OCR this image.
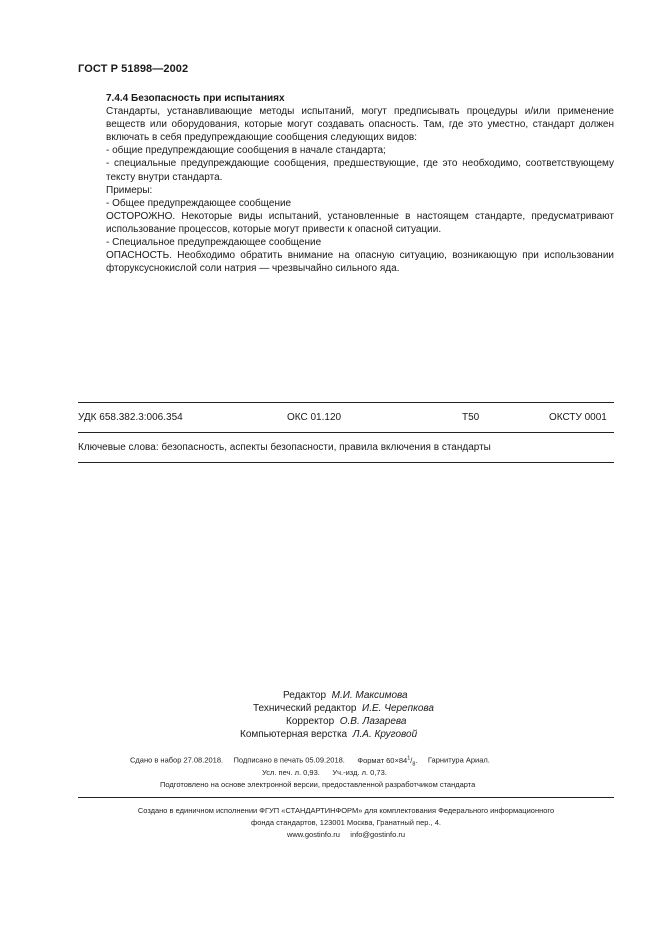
ГОСТ Р 51898—2002

7.4.4 Безопасность при испытаниях

Стандарты, устанавливающие методы испытаний, могут предписывать процедуры и/или применение веществ или оборудования, которые могут создавать опасность. Там, где это уместно, стандарт должен включать в себя предупреждающие сообщения следующих видов:

- общие предупреждающие сообщения в начале стандарта;

- специальные предупреждающие сообщения, предшествующие, где это необходимо, соответствующему тексту внутри стандарта.

Примеры:

- Общее предупреждающее сообщение

ОСТОРОЖНО. Некоторые виды испытаний, установленные в настоящем стандарте, предусматривают использование процессов, которые могут привести к опасной ситуации.

- Специальное предупреждающее сообщение

ОПАСНОСТЬ. Необходимо обратить внимание на опасную ситуацию, возникающую при использовании фторуксуснокислой соли натрия — чрезвычайно сильного яда.

УДК 658.382.3:006.354	ОКС 01.120	Т50	ОКСТУ 0001
Ключевые слова: безопасность, аспекты безопасности, правила включения в стандарты
Редактор М.И. Максимова
Технический редактор И.Е. Черепкова
Корректор О.В. Лазарева
Компьютерная верстка Л.А. Круговой
Сдано в набор 27.08.2018. Подписано в печать 05.09.2018. Формат $60\times 84^1/_8$. Гарнитура Ариал.
Усл. печ. л. 0,93. Уч.-изд. л. 0,73.
Подготовлено на основе электронной версии, предоставленной разработчиком стандарта
Создано в единичном исполнении ФГУП «СТАНДАРТИНФОРМ» для комплектования Федерального информационного
фонда стандартов, 123001 Москва, Гранатный пер., 4.
www.gostinfo.ru     info@gostinfo.ru
